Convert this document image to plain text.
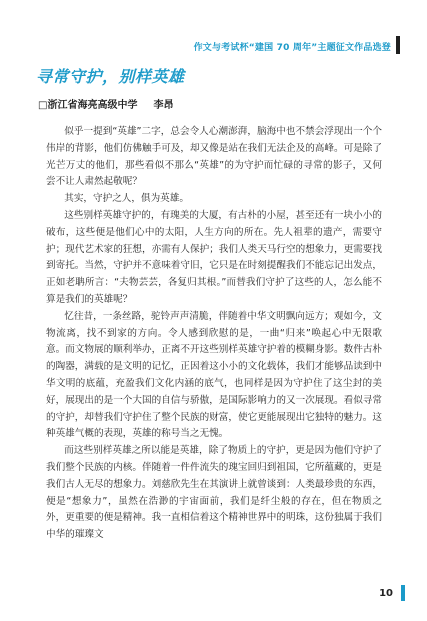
作文与考试杯“建国 70 周年”主题征文作品选登
寻常守护，别样英雄
□浙江省海亮高级中学 李昂

似乎一提到“英雄”二字，总会令人心潮澎湃，脑海中也不禁会浮现出一个个伟岸的背影，他们仿佛触手可及，却又像是站在我们无法企及的高峰。可是除了光芒万丈的他们，那些看似不那么“英雄”的为守护而忙碌的寻常的影子，又何尝不让人肃然起敬呢？

其实，守护之人，俱为英雄。

这些别样英雄守护的，有瑰美的大厦，有古朴的小屋，甚至还有一块小小的破布，这些便是他们心中的太阳，人生方向的所在。先人祖辈的遗产，需要守护；现代艺术家的狂想，亦需有人保护；我们人类天马行空的想象力，更需要找到寄托。当然，守护并不意味着守旧，它只是在时刻提醒我们不能忘记出发点，正如老聃所言：“夫物芸芸，各复归其根。”而替我们守护了这些的人，怎么能不算是我们的英雄呢？

忆往昔，一条丝路，驼铃声声清脆，伴随着中华文明飘向远方；观如今，文物流离，找不到家的方向。令人感到欣慰的是，一曲“归来”唤起心中无限歌意。而文物展的顺利举办，正离不开这些别样英雄守护着的模糊身影。数件古朴的陶器，满载的是文明的记忆，正因着这小小的文化载体，我们才能够品读到中华文明的底蕴，充盈我们文化内涵的底气，也同样是因为守护住了这尘封的美好，展现出的是一个大国的自信与骄傲，是国际影响力的又一次展现。看似寻常的守护，却替我们守护住了整个民族的财富，使它更能展现出它独特的魅力。这种英雄气概的表现，英雄的称号当之无愧。

而这些别样英雄之所以能是英雄，除了物质上的守护，更是因为他们守护了我们整个民族的内核。伴随着一件件流失的瑰宝回归到祖国，它所蕴藏的，更是我们古人无尽的想象力。刘慈欣先生在其演讲上就曾谈到：人类最珍贵的东西，便是“想象力”，虽然在浩渺的宇宙面前，我们是纤尘般的存在，但在物质之外，更重要的便是精神。我一直相信着这个精神世界中的明珠，这份独属于我们中华的璀璨文

10
